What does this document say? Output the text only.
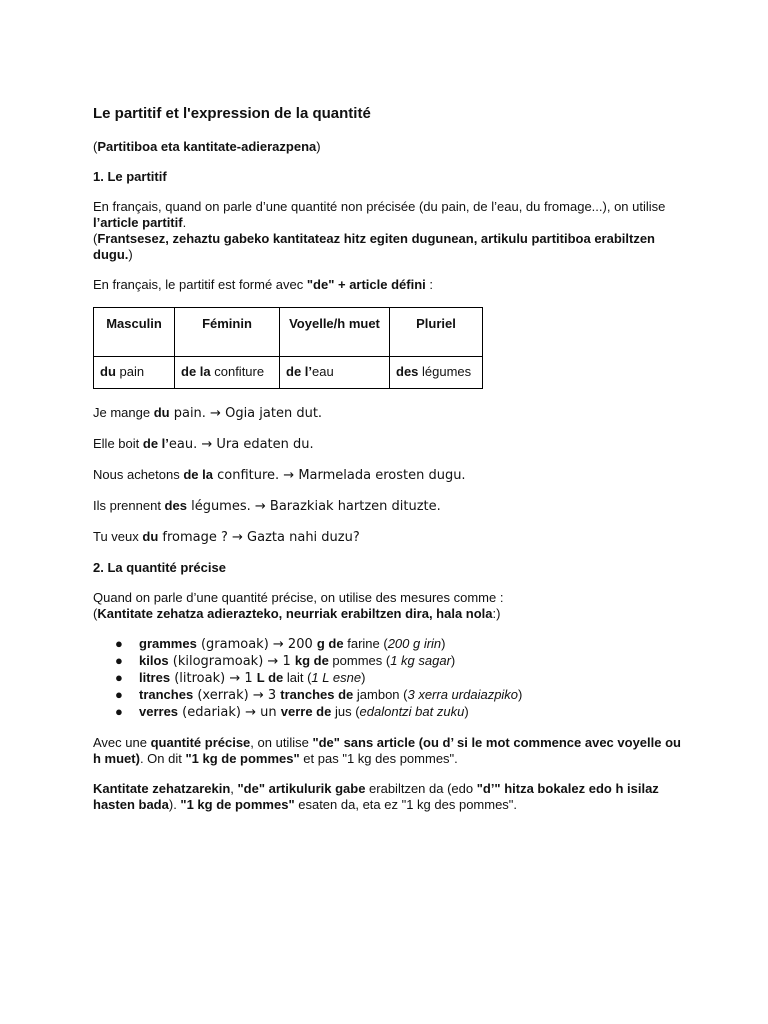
Le partitif et l'expression de la quantité

(Partitiboa eta kantitate-adierazpena)

1. Le partitif

En français, quand on parle d’une quantité non précisée (du pain, de l’eau, du fromage...), on utilise l’article partitif.

(Frantsesez, zehaztu gabeko kantitateaz hitz egiten dugunean, artikulu partitiboa erabiltzen dugu.)

En français, le partitif est formé avec "de" + article défini :

Masculin	Féminin	Voyelle/h muet	Pluriel
du pain	de la confiture	de l’eau	des légumes

Je mange du pain. → Ogia jaten dut.

Elle boit de l’eau. → Ura edaten du.

Nous achetons de la confiture. → Marmelada erosten dugu.

Ils prennent des légumes. → Barazkiak hartzen dituzte.

Tu veux du fromage ? → Gazta nahi duzu?

2. La quantité précise

Quand on parle d’une quantité précise, on utilise des mesures comme :

(Kantitate zehatza adierazteko, neurriak erabiltzen dira, hala nola:)

● grammes (gramoak) → 200 g de farine (200 g irin)
● kilos (kilogramoak) → 1 kg de pommes (1 kg sagar)
● litres (litroak) → 1 L de lait (1 L esne)
● tranches (xerrak) → 3 tranches de jambon (3 xerra urdaiazpiko)
● verres (edariak) → un verre de jus (edalontzi bat zuku)

Avec une quantité précise, on utilise "de" sans article (ou d’ si le mot commence avec voyelle ou h muet). On dit "1 kg de pommes" et pas "1 kg des pommes".

Kantitate zehatzarekin, "de" artikulurik gabe erabiltzen da (edo "d’" hitza bokalez edo h isilaz hasten bada). "1 kg de pommes" esaten da, eta ez "1 kg des pommes".
